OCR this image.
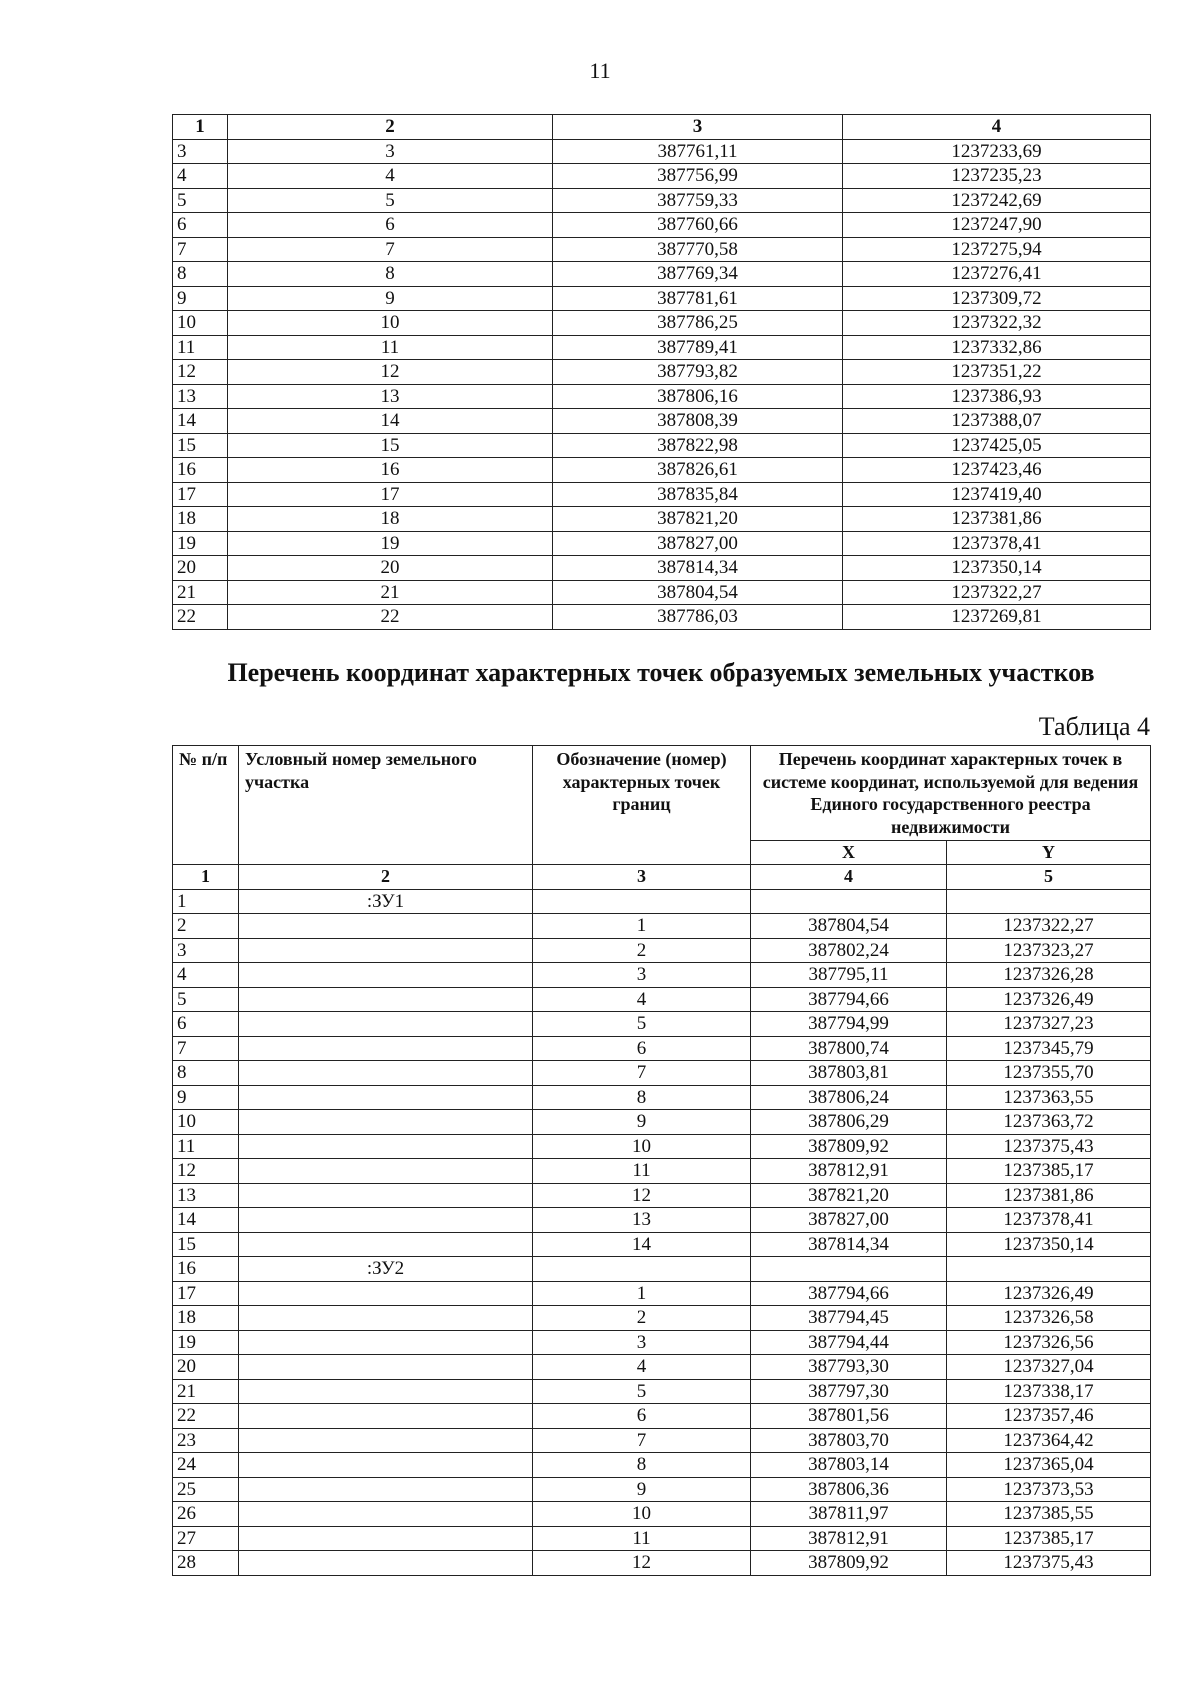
11
1	2	3	4
3	3	387761,11	1237233,69
4	4	387756,99	1237235,23
5	5	387759,33	1237242,69
6	6	387760,66	1237247,90
7	7	387770,58	1237275,94
8	8	387769,34	1237276,41
9	9	387781,61	1237309,72
10	10	387786,25	1237322,32
11	11	387789,41	1237332,86
12	12	387793,82	1237351,22
13	13	387806,16	1237386,93
14	14	387808,39	1237388,07
15	15	387822,98	1237425,05
16	16	387826,61	1237423,46
17	17	387835,84	1237419,40
18	18	387821,20	1237381,86
19	19	387827,00	1237378,41
20	20	387814,34	1237350,14
21	21	387804,54	1237322,27
22	22	387786,03	1237269,81
Перечень координат характерных точек образуемых земельных участков
Таблица 4
№ п/п	Условный номер земельного участка	Обозначение (номер) характерных точек границ	Перечень координат характерных точек в системе координат, используемой для ведения Единого государственного реестра недвижимости	
			X	Y
1	2	3	4	5
1	:ЗУ1			
2		1	387804,54	1237322,27
3		2	387802,24	1237323,27
4		3	387795,11	1237326,28
5		4	387794,66	1237326,49
6		5	387794,99	1237327,23
7		6	387800,74	1237345,79
8		7	387803,81	1237355,70
9		8	387806,24	1237363,55
10		9	387806,29	1237363,72
11		10	387809,92	1237375,43
12		11	387812,91	1237385,17
13		12	387821,20	1237381,86
14		13	387827,00	1237378,41
15		14	387814,34	1237350,14
16	:ЗУ2			
17		1	387794,66	1237326,49
18		2	387794,45	1237326,58
19		3	387794,44	1237326,56
20		4	387793,30	1237327,04
21		5	387797,30	1237338,17
22		6	387801,56	1237357,46
23		7	387803,70	1237364,42
24		8	387803,14	1237365,04
25		9	387806,36	1237373,53
26		10	387811,97	1237385,55
27		11	387812,91	1237385,17
28		12	387809,92	1237375,43
